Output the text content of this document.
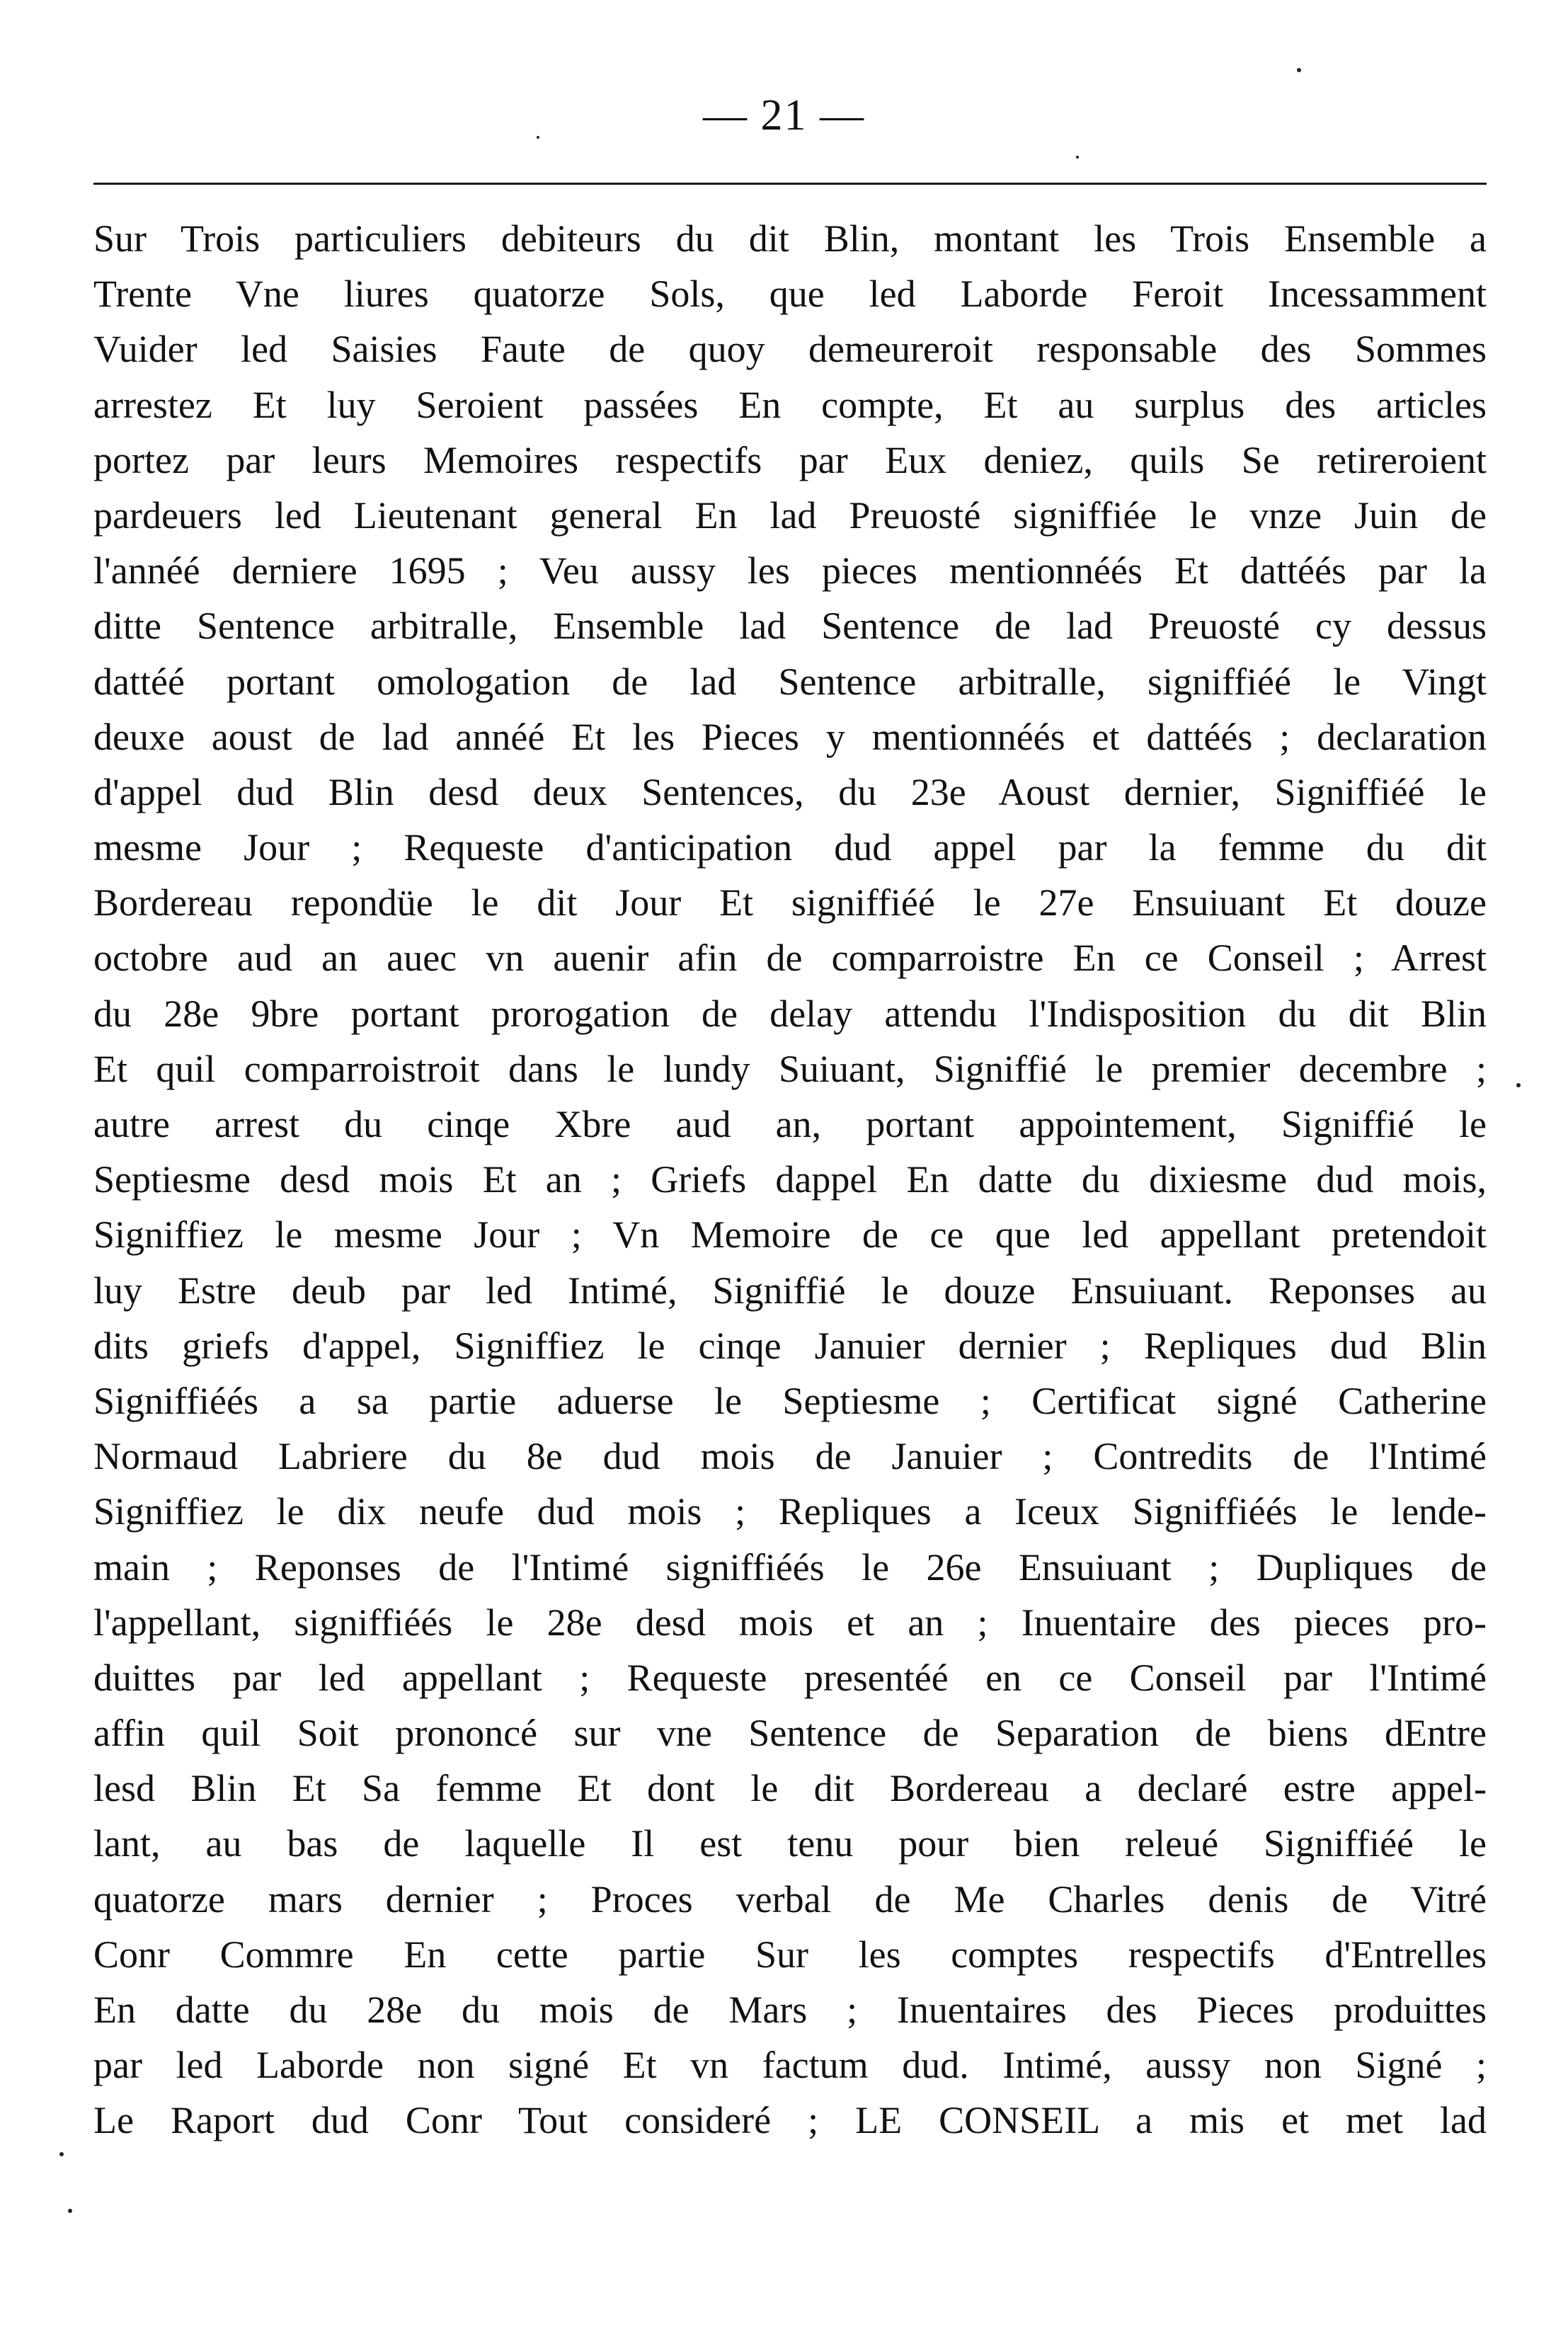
— 21 —
Sur Trois particuliers debiteurs du dit Blin, montant les Trois Ensemble a
Trente Vne liures quatorze Sols, que led Laborde Feroit Incessamment
Vuider led Saisies Faute de quoy demeureroit responsable des Sommes
arrestez Et luy Seroient passées En compte, Et au surplus des articles
portez par leurs Memoires respectifs par Eux deniez, quils Se retireroient
pardeuers led Lieutenant general En lad Preuosté signiffiée le vnze Juin de
l'annéé derniere 1695 ; Veu aussy les pieces mentionnéés Et dattéés par la
ditte Sentence arbitralle, Ensemble lad Sentence de lad Preuosté cy dessus
dattéé portant omologation de lad Sentence arbitralle, signiffiéé le Vingt
deuxe aoust de lad annéé Et les Pieces y mentionnéés et dattéés ; declaration
d'appel dud Blin desd deux Sentences, du 23e Aoust dernier, Signiffiéé le
mesme Jour ; Requeste d'anticipation dud appel par la femme du dit
Bordereau repondüe le dit Jour Et signiffiéé le 27e Ensuiuant Et douze
octobre aud an auec vn auenir afin de comparroistre En ce Conseil ; Arrest
du 28e 9bre portant prorogation de delay attendu l'Indisposition du dit Blin
Et quil comparroistroit dans le lundy Suiuant, Signiffié le premier decembre ;
autre arrest du cinqe Xbre aud an, portant appointement, Signiffié le
Septiesme desd mois Et an ; Griefs dappel En datte du dixiesme dud mois,
Signiffiez le mesme Jour ; Vn Memoire de ce que led appellant pretendoit
luy Estre deub par led Intimé, Signiffié le douze Ensuiuant. Reponses au
dits griefs d'appel, Signiffiez le cinqe Januier dernier ; Repliques dud Blin
Signiffiéés a sa partie aduerse le Septiesme ; Certificat signé Catherine
Normaud Labriere du 8e dud mois de Januier ; Contredits de l'Intimé
Signiffiez le dix neufe dud mois ; Repliques a Iceux Signiffiéés le lende-
main ; Reponses de l'Intimé signiffiéés le 26e Ensuiuant ; Dupliques de
l'appellant, signiffiéés le 28e desd mois et an ; Inuentaire des pieces pro-
duittes par led appellant ; Requeste presentéé en ce Conseil par l'Intimé
affin quil Soit prononcé sur vne Sentence de Separation de biens dEntre
lesd Blin Et Sa femme Et dont le dit Bordereau a declaré estre appel-
lant, au bas de laquelle Il est tenu pour bien releué Signiffiéé le
quatorze mars dernier ; Proces verbal de Me Charles denis de Vitré
Conr Commre En cette partie Sur les comptes respectifs d'Entrelles
En datte du 28e du mois de Mars ; Inuentaires des Pieces produittes
par led Laborde non signé Et vn factum dud. Intimé, aussy non Signé ;
Le Raport dud Conr Tout consideré ; LE CONSEIL a mis et met lad
